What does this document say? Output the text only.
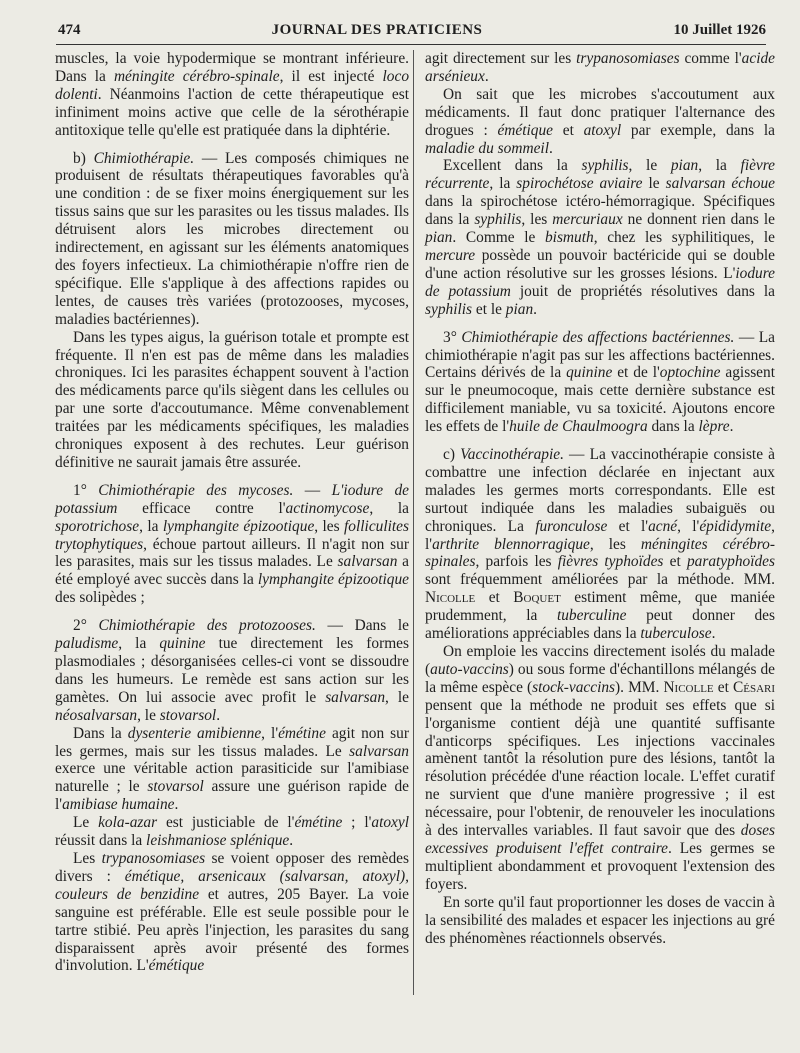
474	JOURNAL DES PRATICIENS	10 Juillet 1926

muscles, la voie hypodermique se montrant inférieure. Dans la méningite cérébro-spinale, il est injecté loco dolenti. Néanmoins l'action de cette thérapeutique est infiniment moins active que celle de la sérothérapie antitoxique telle qu'elle est pratiquée dans la diphtérie.

b) Chimiothérapie. — Les composés chimiques ne produisent de résultats thérapeutiques favorables qu'à une condition : de se fixer moins énergiquement sur les tissus sains que sur les parasites ou les tissus malades. Ils détruisent alors les microbes directement ou indirectement, en agissant sur les éléments anatomiques des foyers infectieux. La chimiothérapie n'offre rien de spécifique. Elle s'applique à des affections rapides ou lentes, de causes très variées (protozooses, mycoses, maladies bactériennes).

Dans les types aigus, la guérison totale et prompte est fréquente. Il n'en est pas de même dans les maladies chroniques. Ici les parasites échappent souvent à l'action des médicaments parce qu'ils siègent dans les cellules ou par une sorte d'accoutumance. Même convenablement traitées par les médicaments spécifiques, les maladies chroniques exposent à des rechutes. Leur guérison définitive ne saurait jamais être assurée.

1° Chimiothérapie des mycoses. — L'iodure de potassium efficace contre l'actinomycose, la sporotrichose, la lymphangite épizootique, les folliculites trytophytiques, échoue partout ailleurs. Il n'agit non sur les parasites, mais sur les tissus malades. Le salvarsan a été employé avec succès dans la lymphangite épizootique des solipèdes ;

2° Chimiothérapie des protozooses. — Dans le paludisme, la quinine tue directement les formes plasmodiales ; désorganisées celles-ci vont se dissoudre dans les humeurs. Le remède est sans action sur les gamètes. On lui associe avec profit le salvarsan, le néosalvarsan, le stovarsol.

Dans la dysenterie amibienne, l'émétine agit non sur les germes, mais sur les tissus malades. Le salvarsan exerce une véritable action parasiticide sur l'amibiase naturelle ; le stovarsol assure une guérison rapide de l'amibiase humaine.

Le kola-azar est justiciable de l'émétine ; l'atoxyl réussit dans la leishmaniose splénique.

Les trypanosomiases se voient opposer des remèdes divers : émétique, arsenicaux (salvarsan, atoxyl), couleurs de benzidine et autres, 205 Bayer. La voie sanguine est préférable. Elle est seule possible pour le tartre stibié. Peu après l'injection, les parasites du sang disparaissent après avoir présenté des formes d'involution. L'émétique

agit directement sur les trypanosomiases comme l'acide arsénieux.

On sait que les microbes s'accoutument aux médicaments. Il faut donc pratiquer l'alternance des drogues : émétique et atoxyl par exemple, dans la maladie du sommeil.

Excellent dans la syphilis, le pian, la fièvre récurrente, la spirochétose aviaire le salvarsan échoue dans la spirochétose ictéro-hémorragique. Spécifiques dans la syphilis, les mercuriaux ne donnent rien dans le pian. Comme le bismuth, chez les syphilitiques, le mercure possède un pouvoir bactéricide qui se double d'une action résolutive sur les grosses lésions. L'iodure de potassium jouit de propriétés résolutives dans la syphilis et le pian.

3° Chimiothérapie des affections bactériennes. — La chimiothérapie n'agit pas sur les affections bactériennes. Certains dérivés de la quinine et de l'optochine agissent sur le pneumocoque, mais cette dernière substance est difficilement maniable, vu sa toxicité. Ajoutons encore les effets de l'huile de Chaulmoogra dans la lèpre.

c) Vaccinothérapie. — La vaccinothérapie consiste à combattre une infection déclarée en injectant aux malades les germes morts correspondants. Elle est surtout indiquée dans les maladies subaiguës ou chroniques. La furonculose et l'acné, l'épididymite, l'arthrite blennorragique, les méningites cérébro-spinales, parfois les fièvres typhoïdes et paratyphoïdes sont fréquemment améliorées par la méthode. MM. Nicolle et Boquet estiment même, que maniée prudemment, la tuberculine peut donner des améliorations appréciables dans la tuberculose.

On emploie les vaccins directement isolés du malade (auto-vaccins) ou sous forme d'échantillons mélangés de la même espèce (stock-vaccins). MM. Nicolle et Césari pensent que la méthode ne produit ses effets que si l'organisme contient déjà une quantité suffisante d'anticorps spécifiques. Les injections vaccinales amènent tantôt la résolution pure des lésions, tantôt la résolution précédée d'une réaction locale. L'effet curatif ne survient que d'une manière progressive ; il est nécessaire, pour l'obtenir, de renouveler les inoculations à des intervalles variables. Il faut savoir que des doses excessives produisent l'effet contraire. Les germes se multiplient abondamment et provoquent l'extension des foyers.

En sorte qu'il faut proportionner les doses de vaccin à la sensibilité des malades et espacer les injections au gré des phénomènes réactionnels observés.
